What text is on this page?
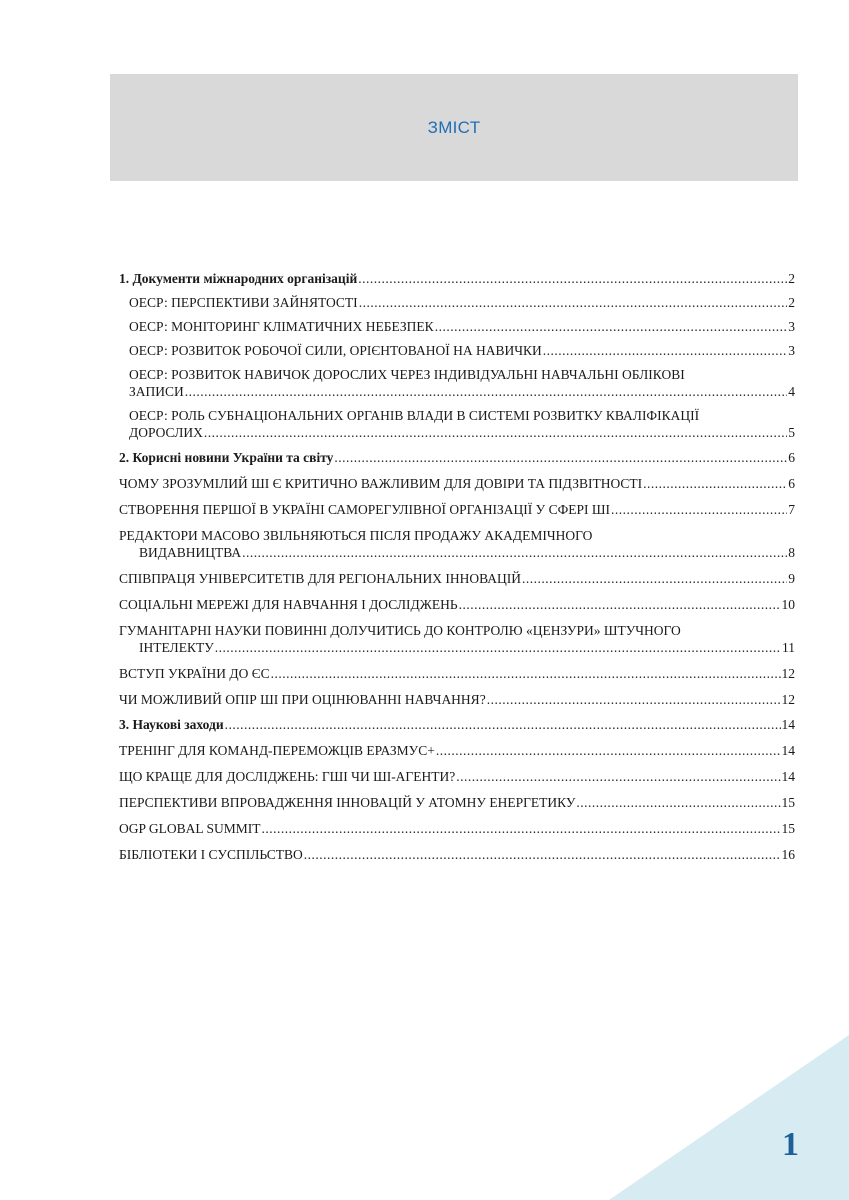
ЗМІСТ
1. Документи міжнародних організацій .....	2
ОЕСР: ПЕРСПЕКТИВИ ЗАЙНЯТОСТІ .....	2
ОЕСР: МОНІТОРИНГ КЛІМАТИЧНИХ НЕБЕЗПЕК .....	3
ОЕСР: РОЗВИТОК РОБОЧОЇ СИЛИ, ОРІЄНТОВАНОЇ НА НАВИЧКИ .....	3
ОЕСР: РОЗВИТОК НАВИЧОК ДОРОСЛИХ ЧЕРЕЗ ІНДИВІДУАЛЬНІ НАВЧАЛЬНІ ОБЛІКОВІ
ЗАПИСИ .....	4
ОЕСР: РОЛЬ СУБНАЦІОНАЛЬНИХ ОРГАНІВ ВЛАДИ В СИСТЕМІ РОЗВИТКУ КВАЛІФІКАЦІЇ
ДОРОСЛИХ .....	5
2. Корисні новини України та світу .....	6
ЧОМУ ЗРОЗУМІЛИЙ ШІ Є КРИТИЧНО ВАЖЛИВИМ ДЛЯ ДОВІРИ ТА ПІДЗВІТНОСТІ .....	6
СТВОРЕННЯ ПЕРШОЇ В УКРАЇНІ САМОРЕГУЛІВНОЇ ОРГАНІЗАЦІЇ У СФЕРІ ШІ .....	7
РЕДАКТОРИ МАСОВО ЗВІЛЬНЯЮТЬСЯ ПІСЛЯ ПРОДАЖУ АКАДЕМІЧНОГО
ВИДАВНИЦТВА .....	8
СПІВПРАЦЯ УНІВЕРСИТЕТІВ ДЛЯ РЕГІОНАЛЬНИХ ІННОВАЦІЙ .....	9
СОЦІАЛЬНІ МЕРЕЖІ ДЛЯ НАВЧАННЯ І ДОСЛІДЖЕНЬ .....	10
ГУМАНІТАРНІ НАУКИ ПОВИННІ ДОЛУЧИТИСЬ ДО КОНТРОЛЮ «ЦЕНЗУРИ» ШТУЧНОГО
ІНТЕЛЕКТУ .....	11
ВСТУП УКРАЇНИ ДО ЄС .....	12
ЧИ МОЖЛИВИЙ ОПІР ШІ ПРИ ОЦІНЮВАННІ НАВЧАННЯ? .....	12
3. Наукові заходи .....	14
ТРЕНІНГ ДЛЯ КОМАНД-ПЕРЕМОЖЦІВ ЕРАЗМУС+ .....	14
ЩО КРАЩЕ ДЛЯ ДОСЛІДЖЕНЬ: ГШІ ЧИ ШІ-АГЕНТИ? .....	14
ПЕРСПЕКТИВИ ВПРОВАДЖЕННЯ ІННОВАЦІЙ У АТОМНУ ЕНЕРГЕТИКУ .....	15
OGP GLOBAL SUMMIT .....	15
БІБЛІОТЕКИ І СУСПІЛЬСТВО .....	16
1
